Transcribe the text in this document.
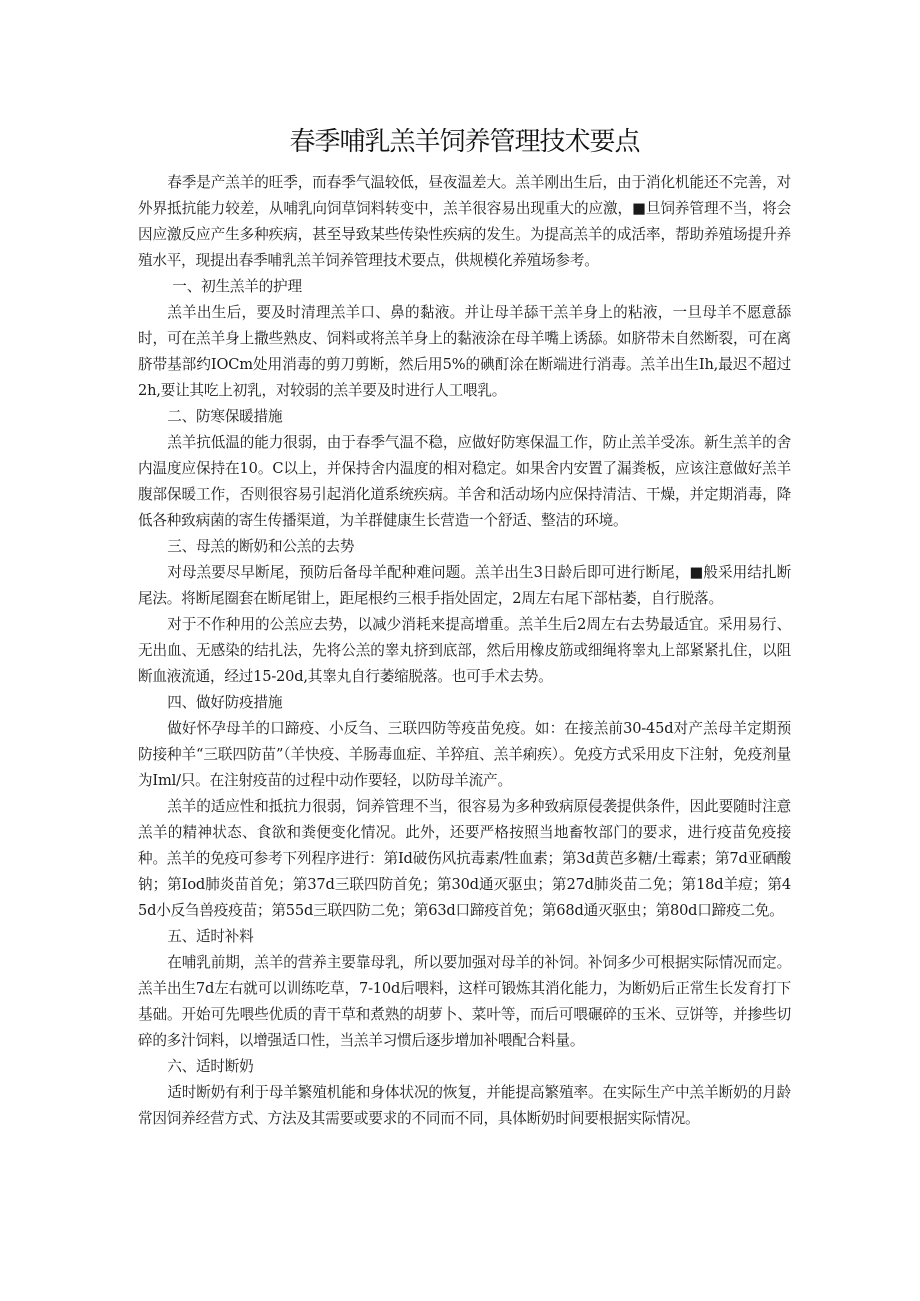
春季哺乳羔羊饲养管理技术要点

春季是产羔羊的旺季，而春季气温较低，昼夜温差大。羔羊刚出生后，由于消化机能还不完善，对外界抵抗能力较差，从哺乳向饲草饲料转变中，羔羊很容易出现重大的应激，■旦饲养管理不当，将会因应激反应产生多种疾病，甚至导致某些传染性疾病的发生。为提高羔羊的成活率，帮助养殖场提升养殖水平，现提出春季哺乳羔羊饲养管理技术要点，供规模化养殖场参考。

一、初生羔羊的护理

羔羊出生后，要及时清理羔羊口、鼻的黏液。并让母羊舔干羔羊身上的粘液，一旦母羊不愿意舔时，可在羔羊身上撒些熟皮、饲料或将羔羊身上的黏液涂在母羊嘴上诱舔。如脐带未自然断裂，可在离脐带基部约IOCm处用消毒的剪刀剪断，然后用5%的碘酊涂在断端进行消毒。羔羊出生Ih,最迟不超过2h,要让其吃上初乳，对较弱的羔羊要及时进行人工喂乳。

二、防寒保暖措施

羔羊抗低温的能力很弱，由于春季气温不稳，应做好防寒保温工作，防止羔羊受冻。新生羔羊的舍内温度应保持在10。C以上，并保持舍内温度的相对稳定。如果舍内安置了漏粪板，应该注意做好羔羊腹部保暖工作，否则很容易引起消化道系统疾病。羊舍和活动场内应保持清洁、干燥，并定期消毒，降低各种致病菌的寄生传播渠道，为羊群健康生长营造一个舒适、整洁的环境。

三、母羔的断奶和公羔的去势

对母羔要尽早断尾，预防后备母羊配种难问题。羔羊出生3日龄后即可进行断尾，■般采用结扎断尾法。将断尾圈套在断尾钳上，距尾根约三根手指处固定，2周左右尾下部枯萎，自行脱落。

对于不作种用的公羔应去势，以减少消耗来提高增重。羔羊生后2周左右去势最适宜。采用易行、无出血、无感染的结扎法，先将公羔的睾丸挤到底部，然后用橡皮筋或细绳将睾丸上部紧紧扎住，以阻断血液流通，经过15-20d,其睾丸自行萎缩脱落。也可手术去势。

四、做好防疫措施

做好怀孕母羊的口蹄疫、小反刍、三联四防等疫苗免疫。如：在接羔前30-45d对产羔母羊定期预防接种羊“三联四防苗”（羊快疫、羊肠毒血症、羊猝疽、羔羊痢疾）。免疫方式采用皮下注射，免疫剂量为Iml/只。在注射疫苗的过程中动作要轻，以防母羊流产。

羔羊的适应性和抵抗力很弱，饲养管理不当，很容易为多种致病原侵袭提供条件，因此要随时注意羔羊的精神状态、食欲和粪便变化情况。此外，还要严格按照当地畜牧部门的要求，进行疫苗免疫接种。羔羊的免疫可参考下列程序进行：第Id破伤风抗毒素/牲血素；第3d黄芭多糖/土霉素；第7d亚硒酸钠；第Iod肺炎苗首免；第37d三联四防首免；第30d通灭驱虫；第27d肺炎苗二免；第18d羊痘；第45d小反刍兽疫疫苗；第55d三联四防二免；第63d口蹄疫首免；第68d通灭驱虫；第80d口蹄疫二免。

五、适时补料

在哺乳前期，羔羊的营养主要靠母乳，所以要加强对母羊的补饲。补饲多少可根据实际情况而定。羔羊出生7d左右就可以训练吃草，7-10d后喂料，这样可锻炼其消化能力，为断奶后正常生长发育打下基础。开始可先喂些优质的青干草和煮熟的胡萝卜、菜叶等，而后可喂碾碎的玉米、豆饼等，并掺些切碎的多汁饲料，以增强适口性，当羔羊习惯后逐步增加补喂配合料量。

六、适时断奶

适时断奶有利于母羊繁殖机能和身体状况的恢复，并能提高繁殖率。在实际生产中羔羊断奶的月龄常因饲养经营方式、方法及其需要或要求的不同而不同，具体断奶时间要根据实际情况。
